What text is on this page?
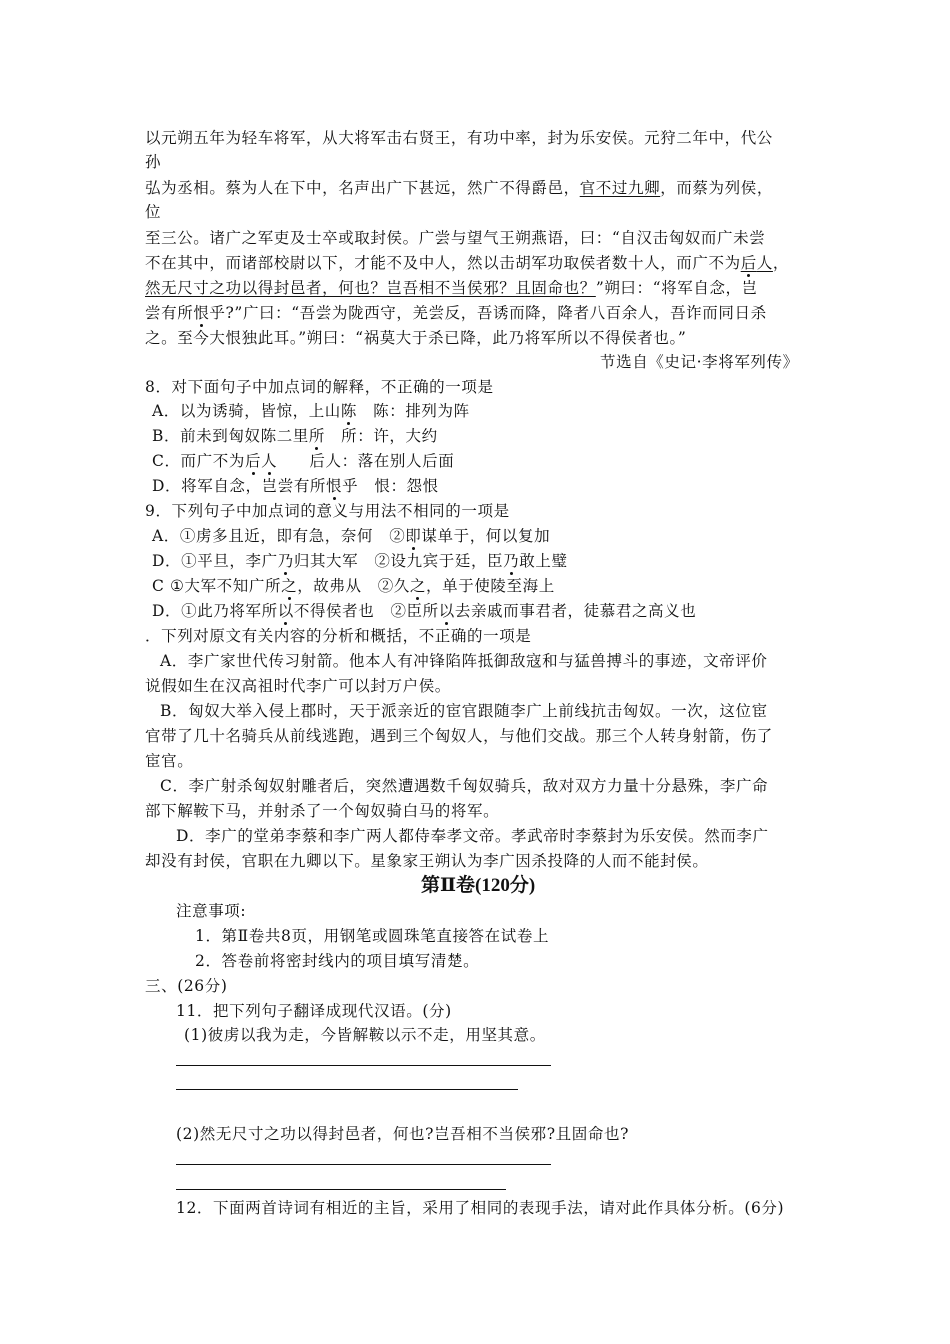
以元朔五年为轻车将军，从大将军击右贤王，有功中率，封为乐安侯。元狩二年中，代公
孙
弘为丞相。蔡为人在下中，名声出广下甚远，然广不得爵邑，官不过九卿，而蔡为列侯，
位
至三公。诸广之军吏及士卒或取封侯。广尝与望气王朔燕语，曰：“自汉击匈奴而广未尝
不在其中，而诸部校尉以下，才能不及中人，然以击胡军功取侯者数十人，而广不为后人，
然无尺寸之功以得封邑者，何也？岂吾相不当侯邪？且固命也？”朔曰：“将军自念，岂
尝有所恨乎?”广曰：“吾尝为陇西守，羌尝反，吾诱而降，降者八百余人，吾诈而同日杀
之。至今大恨独此耳。”朔曰：“祸莫大于杀已降，此乃将军所以不得侯者也。”
节选自《史记·李将军列传》
8．对下面句子中加点词的解释，不正确的一项是
A．以为诱骑，皆惊，上山陈　陈：排列为阵
B．前未到匈奴陈二里所　所：许，大约
C．而广不为后人　　后人：落在别人后面
D．将军自念，岂尝有所恨乎　恨：怨恨
9．下列句子中加点词的意义与用法不相同的一项是
A．①虏多且近，即有急，奈何　②即谋单于，何以复加
D．①平旦，李广乃归其大军　②设九宾于廷，臣乃敢上璧
C ①大军不知广所之，故弗从　②久之，单于使陵至海上
D．①此乃将军所以不得侯者也　②臣所以去亲戚而事君者，徒慕君之高义也
．下列对原文有关内容的分析和概括，不正确的一项是
A．李广家世代传习射箭。他本人有冲锋陷阵抵御敌寇和与猛兽搏斗的事迹，文帝评价
说假如生在汉高祖时代李广可以封万户侯。
B．匈奴大举入侵上郡时，天于派亲近的宦官跟随李广上前线抗击匈奴。一次，这位宦
官带了几十名骑兵从前线逃跑，遇到三个匈奴人，与他们交战。那三个人转身射箭，伤了
宦官。
C．李广射杀匈奴射雕者后，突然遭遇数千匈奴骑兵，敌对双方力量十分悬殊，李广命
部下解鞍下马，并射杀了一个匈奴骑白马的将军。
D．李广的堂弟李蔡和李广两人都侍奉孝文帝。孝武帝时李蔡封为乐安侯。然而李广
却没有封侯，官职在九卿以下。星象家王朔认为李广因杀投降的人而不能封侯。
第Ⅱ卷(120分)
注意事项:
1．第Ⅱ卷共8页，用钢笔或圆珠笔直接答在试卷上
2．答卷前将密封线内的项目填写清楚。
三、(26分)
11．把下列句子翻译成现代汉语。(分)
(1)彼虏以我为走，今皆解鞍以示不走，用坚其意。
(2)然无尺寸之功以得封邑者，何也?岂吾相不当侯邪?且固命也?
12．下面两首诗词有相近的主旨，采用了相同的表现手法，请对此作具体分析。(6分)
